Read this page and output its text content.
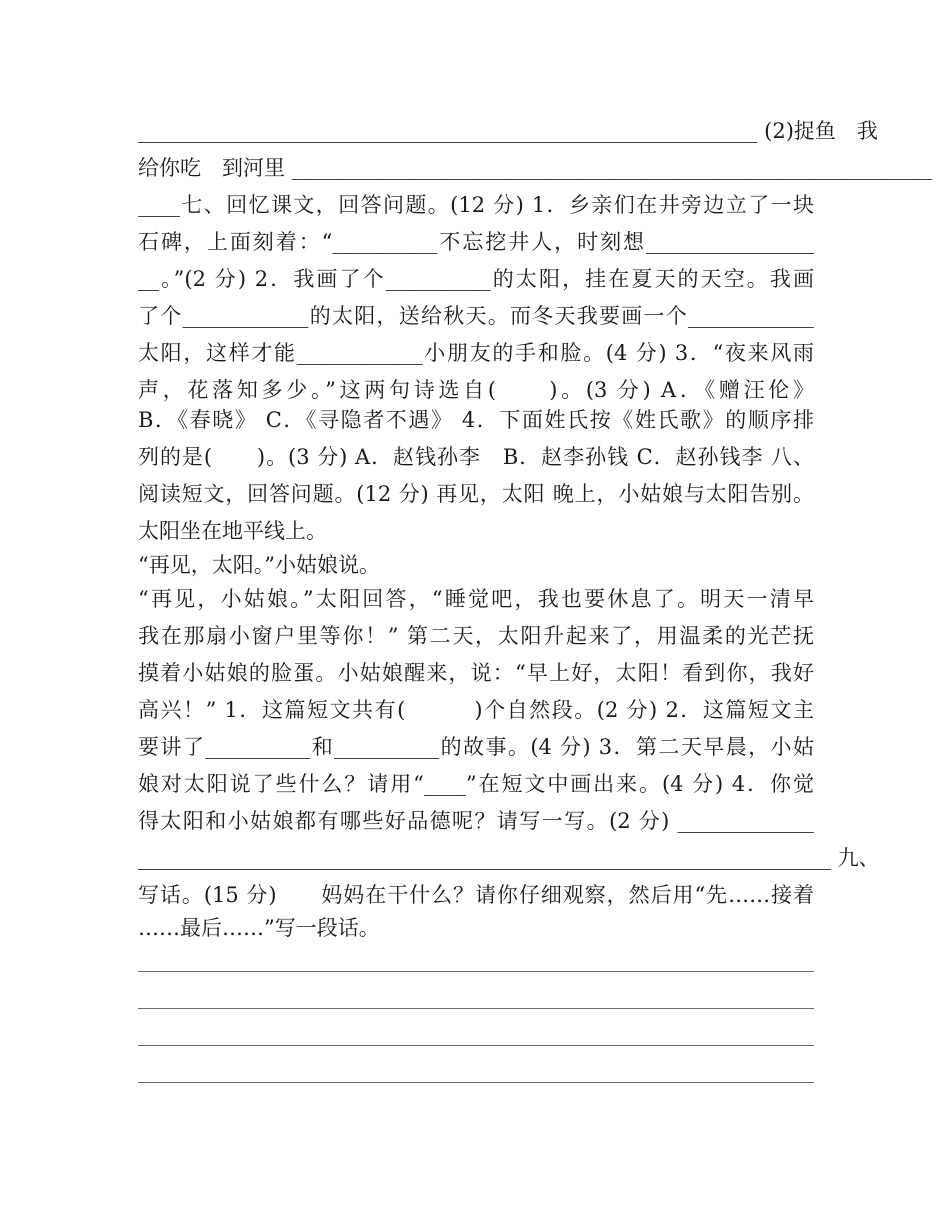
___________________________________________________________ (2)捉鱼　我
给你吃　到河里 _____________________________________________________________
____七、回忆课文，回答问题。(12 分) 1．乡亲们在井旁边立了一块
石碑，上面刻着：“__________不忘挖井人，时刻想________________
__。”(2 分) 2．我画了个__________的太阳，挂在夏天的天空。我画
了个____________的太阳，送给秋天。而冬天我要画一个____________
太阳，这样才能____________小朋友的手和脸。(4 分) 3．“夜来风雨
声，花落知多少。”这两句诗选自(　　)。(3 分) A．《赠汪伦》
B．《春晓》 C．《寻隐者不遇》 4．下面姓氏按《姓氏歌》的顺序排
列的是(　　)。(3 分) A．赵钱孙李　B．赵李孙钱 C．赵孙钱李 八、
阅读短文，回答问题。(12 分) 再见，太阳 晚上，小姑娘与太阳告别。
太阳坐在地平线上。
“再见，太阳。”小姑娘说。
“再见，小姑娘。”太阳回答，“睡觉吧，我也要休息了。明天一清早
我在那扇小窗户里等你！” 第二天，太阳升起来了，用温柔的光芒抚
摸着小姑娘的脸蛋。小姑娘醒来，说：“早上好，太阳！看到你，我好
高兴！” 1．这篇短文共有(　　　)个自然段。(2 分) 2．这篇短文主
要讲了__________和__________的故事。(4 分) 3．第二天早晨，小姑
娘对太阳说了些什么？请用“____”在短文中画出来。(4 分) 4．你觉
得太阳和小姑娘都有哪些好品德呢？请写一写。(2 分) _____________
__________________________________________________________________ 九、
写话。(15 分)　　妈妈在干什么？请你仔细观察，然后用“先……接着
……最后……”写一段话。
